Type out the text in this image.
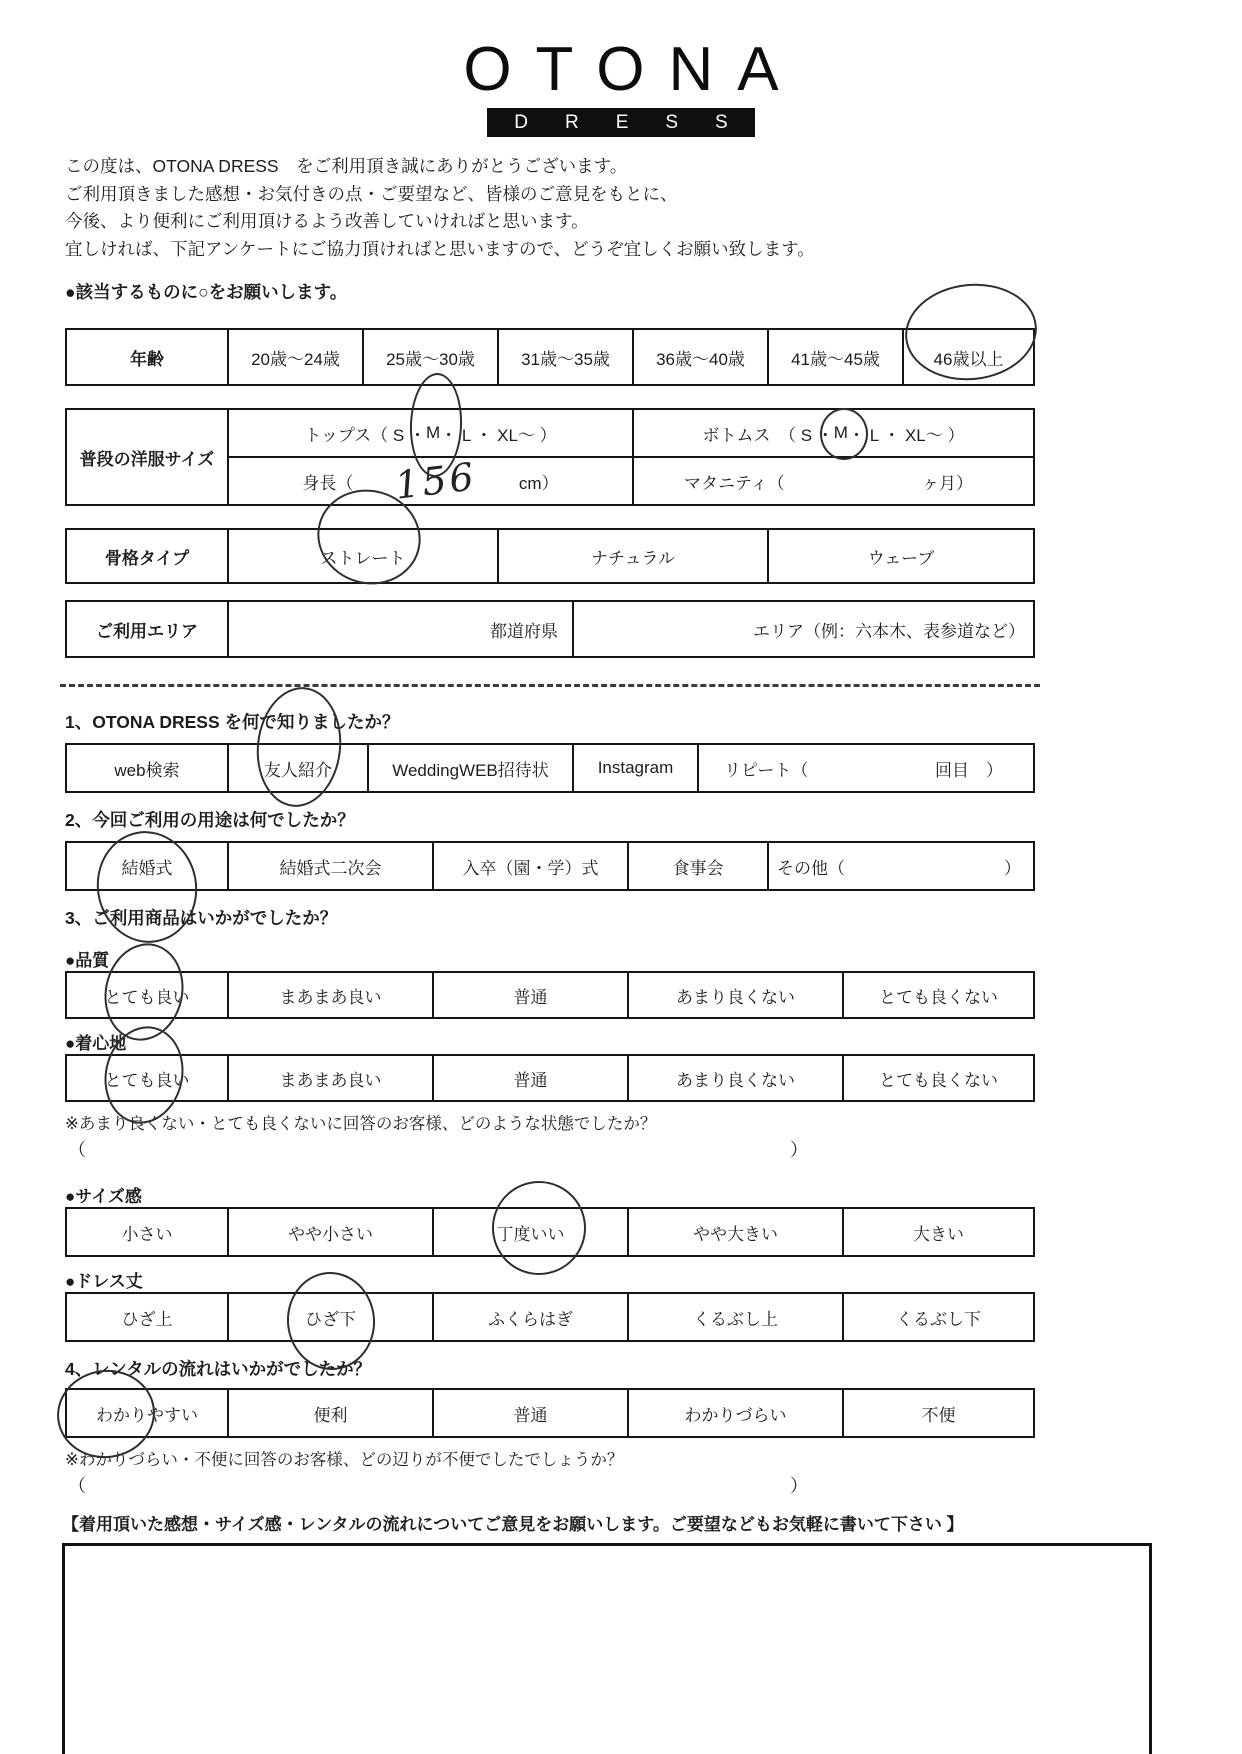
OTONA
DRESS
この度は、OTONA DRESS　をご利用頂き誠にありがとうございます。
ご利用頂きました感想・お気付きの点・ご要望など、皆様のご意見をもとに、
今後、より便利にご利用頂けるよう改善していければと思います。
宜しければ、下記アンケートにご協力頂ければと思いますので、どうぞ宜しくお願い致します。
●該当するものに○をお願いします。
年齢	20歳～24歳	25歳～30歳	31歳～35歳	36歳～40歳	41歳～45歳	46歳以上
普段の洋服サイズ
トップス（ S ・ M ・ L ・ XL～ ）	ボトムス　（ S ・ M ・ L ・ XL～ ）
身長（ 156 cm）	マタニティ（	ヶ月）
骨格タイプ	ストレート	ナチュラル	ウェーブ
ご利用エリア	都道府県	エリア（例：六本木、表参道など）
1、OTONA DRESS を何で知りましたか？
web検索	友人紹介	WeddingWEB招待状	Instagram	リピート（	回目　）
2、今回ご利用の用途は何でしたか？
結婚式	結婚式二次会	入卒（園・学）式	食事会	その他（	）
3、ご利用商品はいかがでしたか？
●品質
とても良い	まあまあ良い	普通	あまり良くない	とても良くない
●着心地
とても良い	まあまあ良い	普通	あまり良くない	とても良くない
※あまり良くない・とても良くないに回答のお客様、どのような状態でしたか？
（	）
●サイズ感
小さい	やや小さい	丁度いい	やや大きい	大きい
●ドレス丈
ひざ上	ひざ下	ふくらはぎ	くるぶし上	くるぶし下
4、レンタルの流れはいかがでしたか？
わかりやすい	便利	普通	わかりづらい	不便
※わかりづらい・不便に回答のお客様、どの辺りが不便でしたでしょうか？
（	）
【着用頂いた感想・サイズ感・レンタルの流れについてご意見をお願いします。ご要望などもお気軽に書いて下さい 】
